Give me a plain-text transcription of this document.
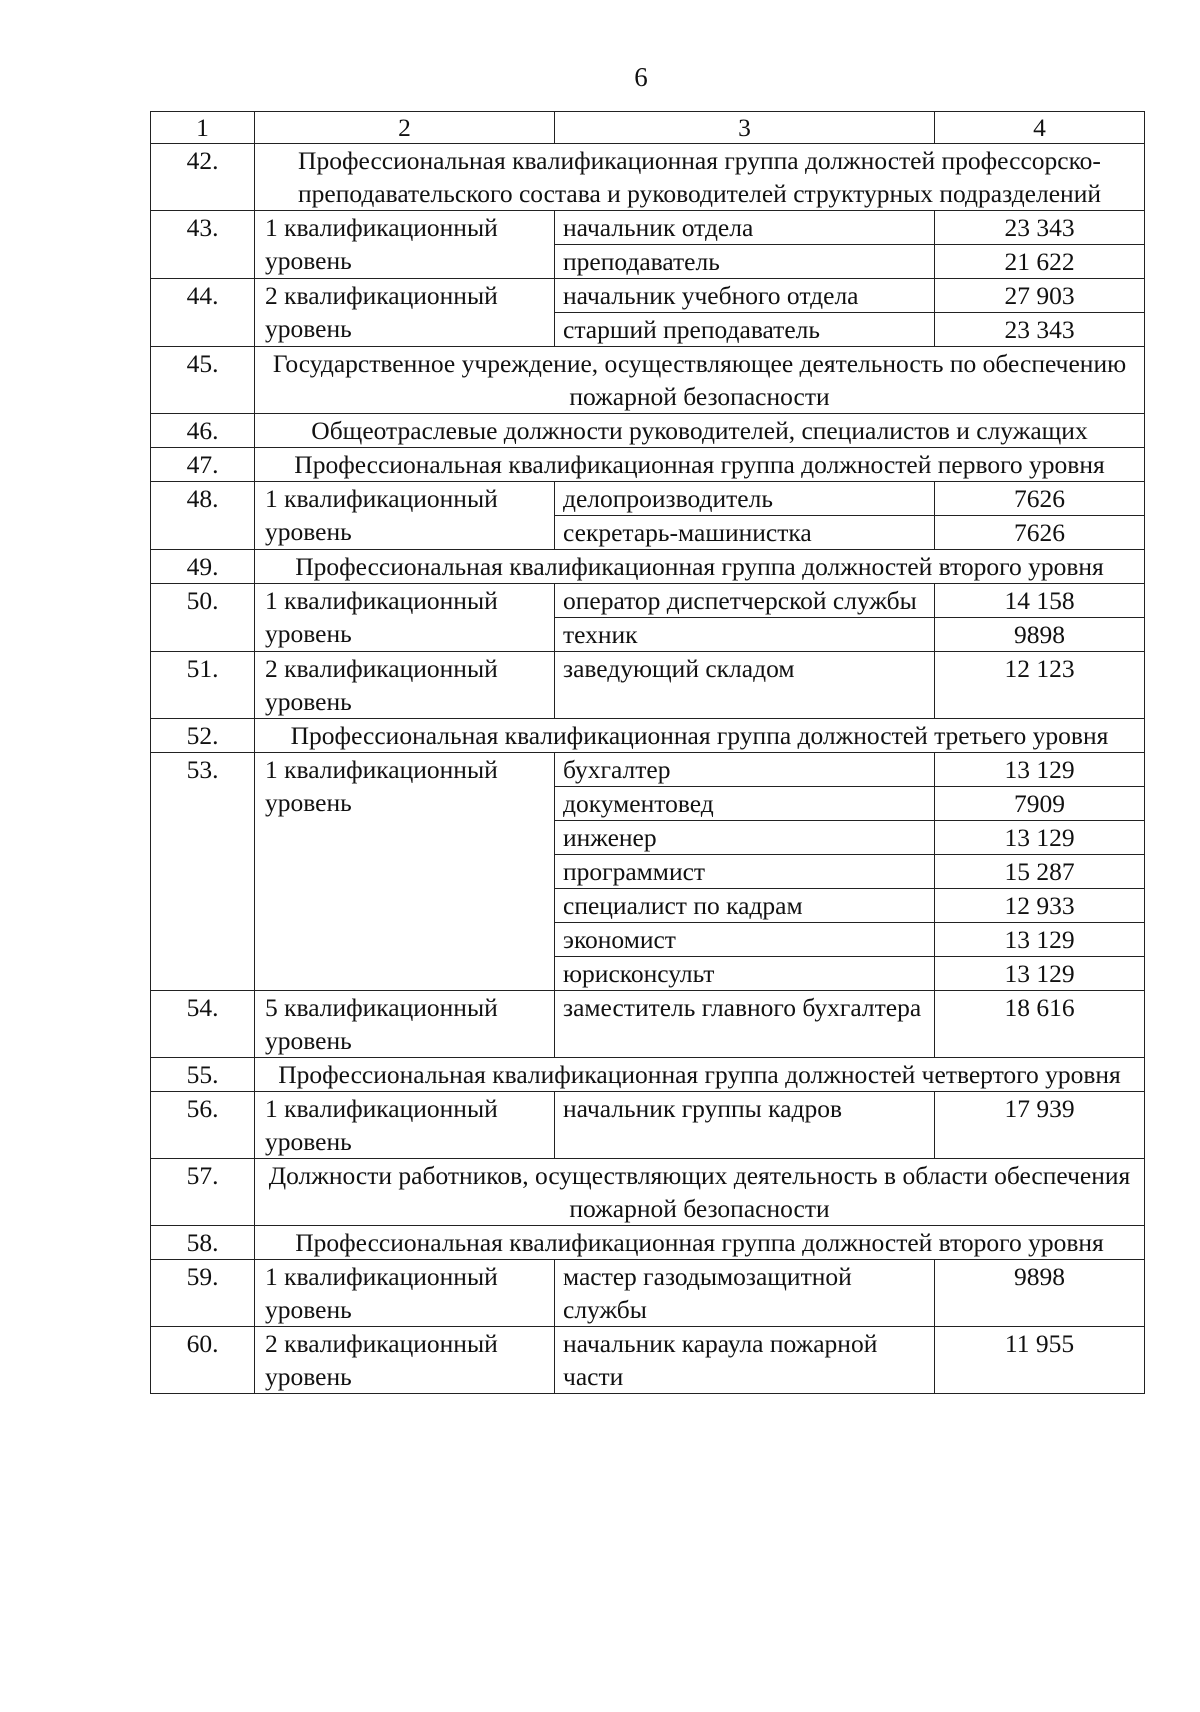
6
1	2	3	4
42.	Профессиональная квалификационная группа должностей профессорско-преподавательского состава и руководителей структурных подразделений		
43.	1 квалификационный уровень	начальник отдела	23 343
		преподаватель	21 622
44.	2 квалификационный уровень	начальник учебного отдела	27 903
		старший преподаватель	23 343
45.	Государственное учреждение, осуществляющее деятельность по обеспечению пожарной безопасности		
46.	Общеотраслевые должности руководителей, специалистов и служащих		
47.	Профессиональная квалификационная группа должностей первого уровня		
48.	1 квалификационный уровень	делопроизводитель	7626
		секретарь-машинистка	7626
49.	Профессиональная квалификационная группа должностей второго уровня		
50.	1 квалификационный уровень	оператор диспетчерской службы	14 158
		техник	9898
51.	2 квалификационный уровень	заведующий складом	12 123
52.	Профессиональная квалификационная группа должностей третьего уровня		
53.	1 квалификационный уровень	бухгалтер	13 129
		документовед	7909
		инженер	13 129
		программист	15 287
		специалист по кадрам	12 933
		экономист	13 129
		юрисконсульт	13 129
54.	5 квалификационный уровень	заместитель главного бухгалтера	18 616
55.	Профессиональная квалификационная группа должностей четвертого уровня		
56.	1 квалификационный уровень	начальник группы кадров	17 939
57.	Должности работников, осуществляющих деятельность в области обеспечения пожарной безопасности		
58.	Профессиональная квалификационная группа должностей второго уровня		
59.	1 квалификационный уровень	мастер газодымозащитной службы	9898
60.	2 квалификационный уровень	начальник караула пожарной части	11 955
